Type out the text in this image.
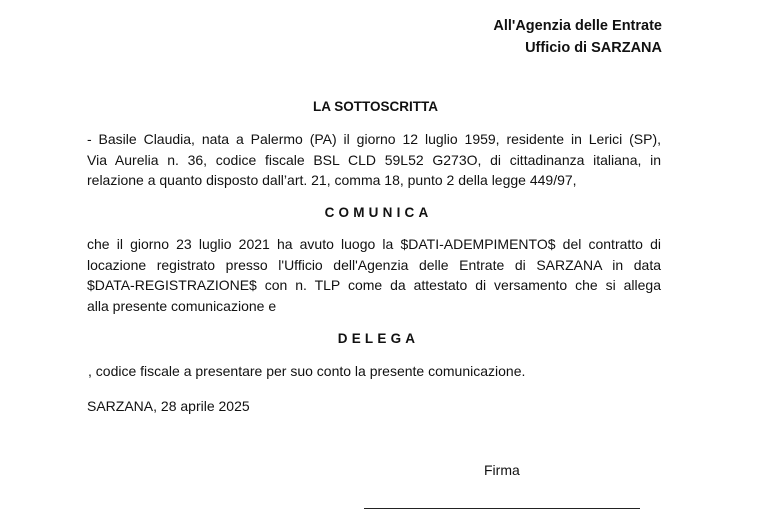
All'Agenzia delle Entrate
Ufficio di SARZANA
LA SOTTOSCRITTA
- Basile Claudia, nata a Palermo (PA) il giorno 12 luglio 1959, residente in Lerici (SP),
Via Aurelia n. 36, codice fiscale BSL CLD 59L52 G273O, di cittadinanza italiana, in
relazione a quanto disposto dall’art. 21, comma 18, punto 2 della legge 449/97,
COMUNICA
che il giorno 23 luglio 2021 ha avuto luogo la $DATI-ADEMPIMENTO$ del contratto di
locazione registrato presso l'Ufficio dell'Agenzia delle Entrate di SARZANA in data
$DATA-REGISTRAZIONE$ con n. TLP come da attestato di versamento che si allega
alla presente comunicazione e
DELEGA
, codice fiscale a presentare per suo conto la presente comunicazione.
SARZANA, 28 aprile 2025
Firma
